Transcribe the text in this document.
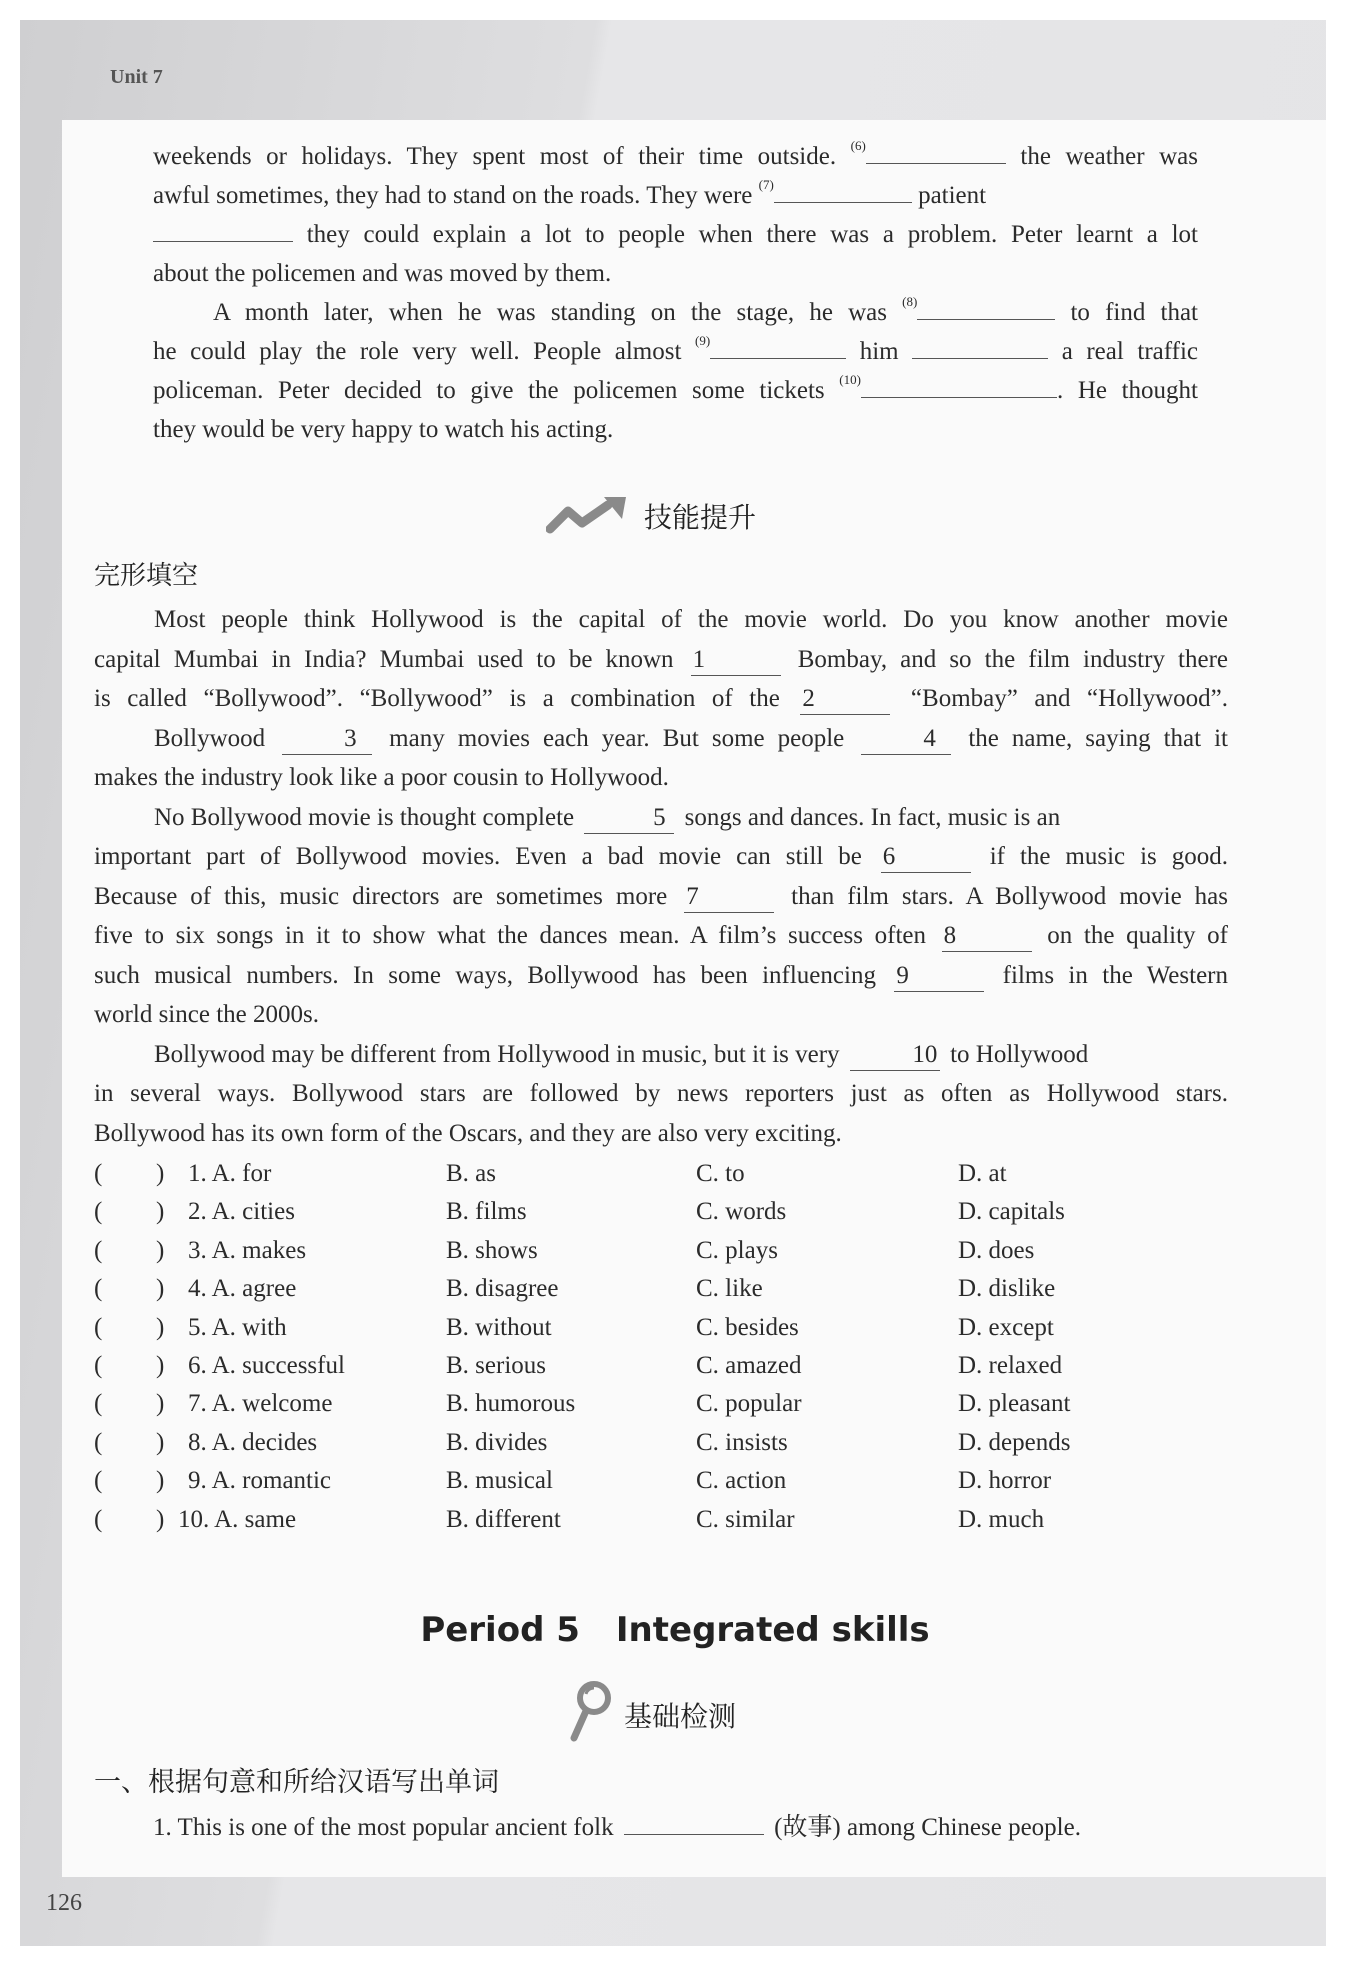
Unit 7
126
weekends or holidays. They spent most of their time outside. $^{(6)}$	the weather was
awful sometimes, they had to stand on the roads. They were $^{(7)}$	patient
they could explain a lot to people when there was a problem. Peter learnt a lot
about the policemen and was moved by them.
A month later, when he was standing on the stage, he was $^{(8)}$	to find that
he could play the role very well. People almost $^{(9)}$	him	a real traffic
policeman. Peter decided to give the policemen some tickets $^{(10)}$	. He thought
they would be very happy to watch his acting.
技能提升
完形填空
Most people think Hollywood is the capital of the movie world. Do you know another movie
capital Mumbai in India? Mumbai used to be known 1	Bombay, and so the film industry there
is called “Bollywood”. “Bollywood” is a combination of the 2	“Bombay” and “Hollywood”.
Bollywood	3 many movies each year. But some people	4 the name, saying that it
makes the industry look like a poor cousin to Hollywood.
No Bollywood movie is thought complete	5 songs and dances. In fact, music is an
important part of Bollywood movies. Even a bad movie can still be 6	if the music is good.
Because of this, music directors are sometimes more 7	than film stars. A Bollywood movie has
five to six songs in it to show what the dances mean. A film’s success often 8	on the quality of
such musical numbers. In some ways, Bollywood has been influencing 9	films in the Western
world since the 2000s.
Bollywood may be different from Hollywood in music, but it is very	10 to Hollywood
in several ways. Bollywood stars are followed by news reporters just as often as Hollywood stars.
Bollywood has its own form of the Oscars, and they are also very exciting.
( ) 1. A. for	B. as	C. to	D. at
( ) 2. A. cities	B. films	C. words	D. capitals
( ) 3. A. makes	B. shows	C. plays	D. does
( ) 4. A. agree	B. disagree	C. like	D. dislike
( ) 5. A. with	B. without	C. besides	D. except
( ) 6. A. successful	B. serious	C. amazed	D. relaxed
( ) 7. A. welcome	B. humorous	C. popular	D. pleasant
( ) 8. A. decides	B. divides	C. insists	D. depends
( ) 9. A. romantic	B. musical	C. action	D. horror
( ) 10. A. same	B. different	C. similar	D. much
Period 5 Integrated skills
基础检测
一、根据句意和所给汉语写出单词
1. This is one of the most popular ancient folk	(故事) among Chinese people.
